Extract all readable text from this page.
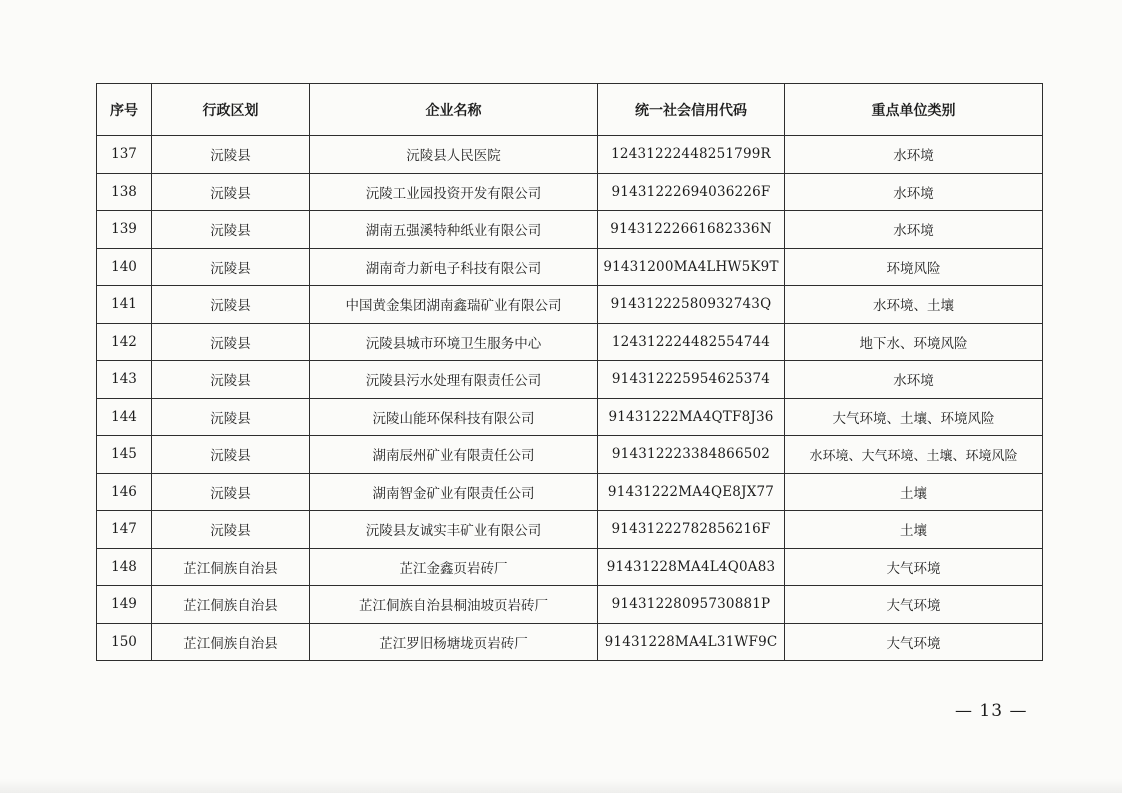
序号	行政区划	企业名称	统一社会信用代码	重点单位类别
137	沅陵县	沅陵县人民医院	12431222448251799R	水环境
138	沅陵县	沅陵工业园投资开发有限公司	91431222694036226F	水环境
139	沅陵县	湖南五强溪特种纸业有限公司	91431222661682336N	水环境
140	沅陵县	湖南奇力新电子科技有限公司	91431200MA4LHW5K9T	环境风险
141	沅陵县	中国黄金集团湖南鑫瑞矿业有限公司	91431222580932743Q	水环境、土壤
142	沅陵县	沅陵县城市环境卫生服务中心	124312224482554744	地下水、环境风险
143	沅陵县	沅陵县污水处理有限责任公司	914312225954625374	水环境
144	沅陵县	沅陵山能环保科技有限公司	91431222MA4QTF8J36	大气环境、土壤、环境风险
145	沅陵县	湖南辰州矿业有限责任公司	914312223384866502	水环境、大气环境、土壤、环境风险
146	沅陵县	湖南智金矿业有限责任公司	91431222MA4QE8JX77	土壤
147	沅陵县	沅陵县友诚实丰矿业有限公司	91431222782856216F	土壤
148	芷江侗族自治县	芷江金鑫页岩砖厂	91431228MA4L4Q0A83	大气环境
149	芷江侗族自治县	芷江侗族自治县桐油坡页岩砖厂	91431228095730881P	大气环境
150	芷江侗族自治县	芷江罗旧杨塘垅页岩砖厂	91431228MA4L31WF9C	大气环境
— 13 —
